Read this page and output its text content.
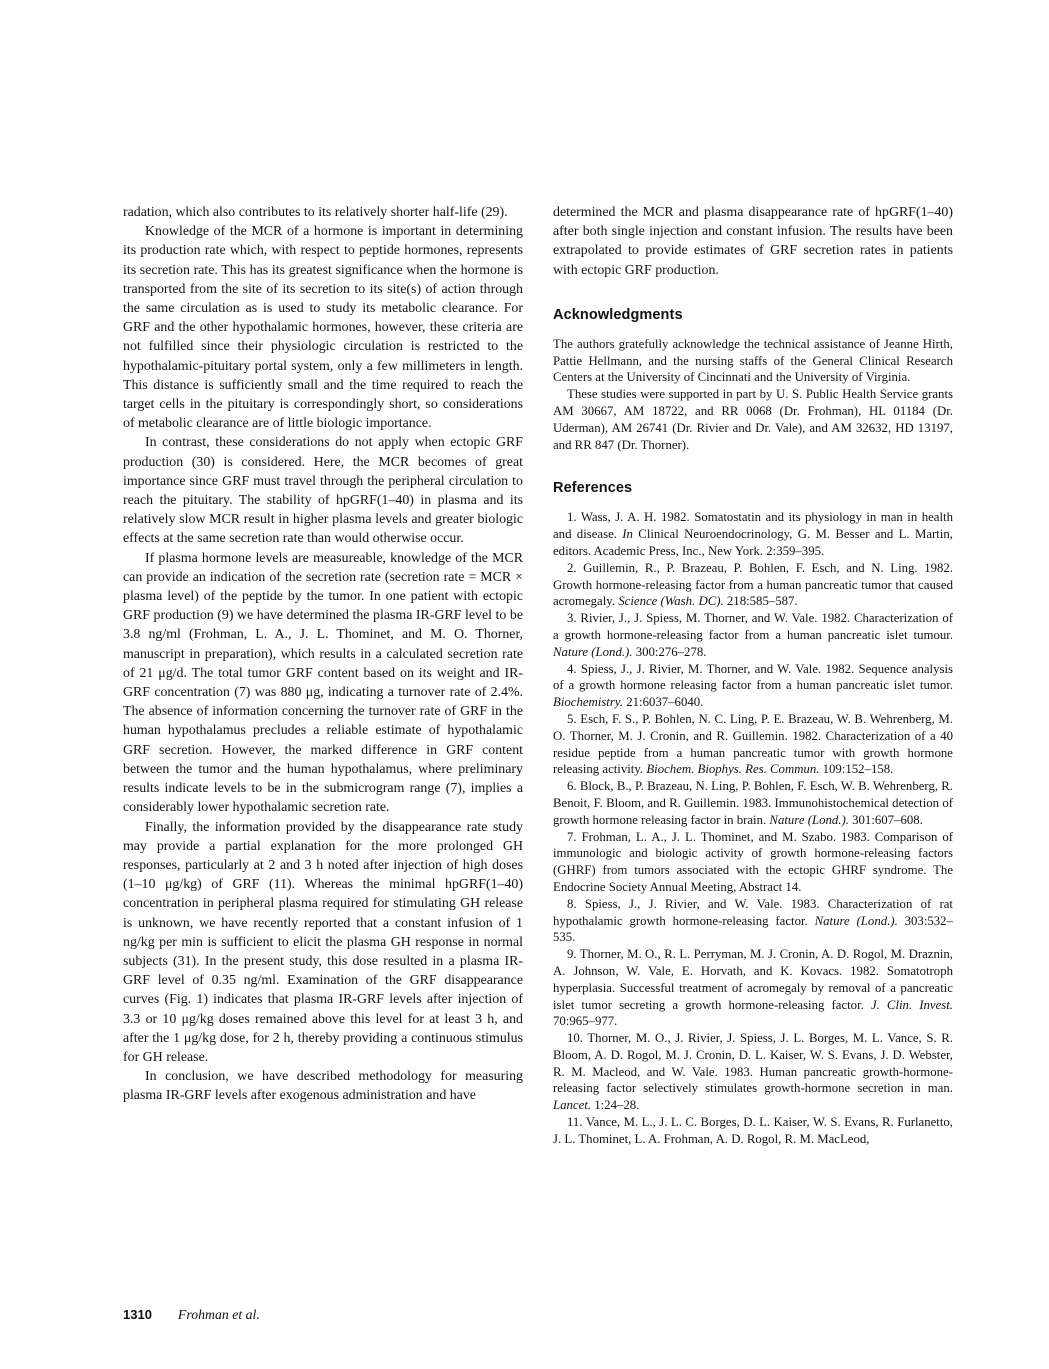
radation, which also contributes to its relatively shorter half-life (29).

Knowledge of the MCR of a hormone is important in determining its production rate which, with respect to peptide hormones, represents its secretion rate. This has its greatest significance when the hormone is transported from the site of its secretion to its site(s) of action through the same circulation as is used to study its metabolic clearance. For GRF and the other hypothalamic hormones, however, these criteria are not fulfilled since their physiologic circulation is restricted to the hypothalamic-pituitary portal system, only a few millimeters in length. This distance is sufficiently small and the time required to reach the target cells in the pituitary is correspondingly short, so considerations of metabolic clearance are of little biologic importance.

In contrast, these considerations do not apply when ectopic GRF production (30) is considered. Here, the MCR becomes of great importance since GRF must travel through the peripheral circulation to reach the pituitary. The stability of hpGRF(1–40) in plasma and its relatively slow MCR result in higher plasma levels and greater biologic effects at the same secretion rate than would otherwise occur.

If plasma hormone levels are measureable, knowledge of the MCR can provide an indication of the secretion rate (secretion rate = MCR × plasma level) of the peptide by the tumor. In one patient with ectopic GRF production (9) we have determined the plasma IR-GRF level to be 3.8 ng/ml (Frohman, L. A., J. L. Thominet, and M. O. Thorner, manuscript in preparation), which results in a calculated secretion rate of 21 μg/d. The total tumor GRF content based on its weight and IR-GRF concentration (7) was 880 μg, indicating a turnover rate of 2.4%. The absence of information concerning the turnover rate of GRF in the human hypothalamus precludes a reliable estimate of hypothalamic GRF secretion. However, the marked difference in GRF content between the tumor and the human hypothalamus, where preliminary results indicate levels to be in the submicrogram range (7), implies a considerably lower hypothalamic secretion rate.

Finally, the information provided by the disappearance rate study may provide a partial explanation for the more prolonged GH responses, particularly at 2 and 3 h noted after injection of high doses (1–10 μg/kg) of GRF (11). Whereas the minimal hpGRF(1–40) concentration in peripheral plasma required for stimulating GH release is unknown, we have recently reported that a constant infusion of 1 ng/kg per min is sufficient to elicit the plasma GH response in normal subjects (31). In the present study, this dose resulted in a plasma IR-GRF level of 0.35 ng/ml. Examination of the GRF disappearance curves (Fig. 1) indicates that plasma IR-GRF levels after injection of 3.3 or 10 μg/kg doses remained above this level for at least 3 h, and after the 1 μg/kg dose, for 2 h, thereby providing a continuous stimulus for GH release.

In conclusion, we have described methodology for measuring plasma IR-GRF levels after exogenous administration and have

determined the MCR and plasma disappearance rate of hpGRF(1–40) after both single injection and constant infusion. The results have been extrapolated to provide estimates of GRF secretion rates in patients with ectopic GRF production.

Acknowledgments

The authors gratefully acknowledge the technical assistance of Jeanne Hirth, Pattie Hellmann, and the nursing staffs of the General Clinical Research Centers at the University of Cincinnati and the University of Virginia.

These studies were supported in part by U. S. Public Health Service grants AM 30667, AM 18722, and RR 0068 (Dr. Frohman), HL 01184 (Dr. Uderman), AM 26741 (Dr. Rivier and Dr. Vale), and AM 32632, HD 13197, and RR 847 (Dr. Thorner).

References

1. Wass, J. A. H. 1982. Somatostatin and its physiology in man in health and disease. In Clinical Neuroendocrinology, G. M. Besser and L. Martin, editors. Academic Press, Inc., New York. 2:359–395.

2. Guillemin, R., P. Brazeau, P. Bohlen, F. Esch, and N. Ling. 1982. Growth hormone-releasing factor from a human pancreatic tumor that caused acromegaly. Science (Wash. DC). 218:585–587.

3. Rivier, J., J. Spiess, M. Thorner, and W. Vale. 1982. Characterization of a growth hormone-releasing factor from a human pancreatic islet tumour. Nature (Lond.). 300:276–278.

4. Spiess, J., J. Rivier, M. Thorner, and W. Vale. 1982. Sequence analysis of a growth hormone releasing factor from a human pancreatic islet tumor. Biochemistry. 21:6037–6040.

5. Esch, F. S., P. Bohlen, N. C. Ling, P. E. Brazeau, W. B. Wehrenberg, M. O. Thorner, M. J. Cronin, and R. Guillemin. 1982. Characterization of a 40 residue peptide from a human pancreatic tumor with growth hormone releasing activity. Biochem. Biophys. Res. Commun. 109:152–158.

6. Block, B., P. Brazeau, N. Ling, P. Bohlen, F. Esch, W. B. Wehrenberg, R. Benoit, F. Bloom, and R. Guillemin. 1983. Immunohistochemical detection of growth hormone releasing factor in brain. Nature (Lond.). 301:607–608.

7. Frohman, L. A., J. L. Thominet, and M. Szabo. 1983. Comparison of immunologic and biologic activity of growth hormone-releasing factors (GHRF) from tumors associated with the ectopic GHRF syndrome. The Endocrine Society Annual Meeting, Abstract 14.

8. Spiess, J., J. Rivier, and W. Vale. 1983. Characterization of rat hypothalamic growth hormone-releasing factor. Nature (Lond.). 303:532–535.

9. Thorner, M. O., R. L. Perryman, M. J. Cronin, A. D. Rogol, M. Draznin, A. Johnson, W. Vale, E. Horvath, and K. Kovacs. 1982. Somatotroph hyperplasia. Successful treatment of acromegaly by removal of a pancreatic islet tumor secreting a growth hormone-releasing factor. J. Clin. Invest. 70:965–977.

10. Thorner, M. O., J. Rivier, J. Spiess, J. L. Borges, M. L. Vance, S. R. Bloom, A. D. Rogol, M. J. Cronin, D. L. Kaiser, W. S. Evans, J. D. Webster, R. M. Macleod, and W. Vale. 1983. Human pancreatic growth-hormone-releasing factor selectively stimulates growth-hormone secretion in man. Lancet. 1:24–28.

11. Vance, M. L., J. L. C. Borges, D. L. Kaiser, W. S. Evans, R. Furlanetto, J. L. Thominet, L. A. Frohman, A. D. Rogol, R. M. MacLeod,

1310 Frohman et al.
